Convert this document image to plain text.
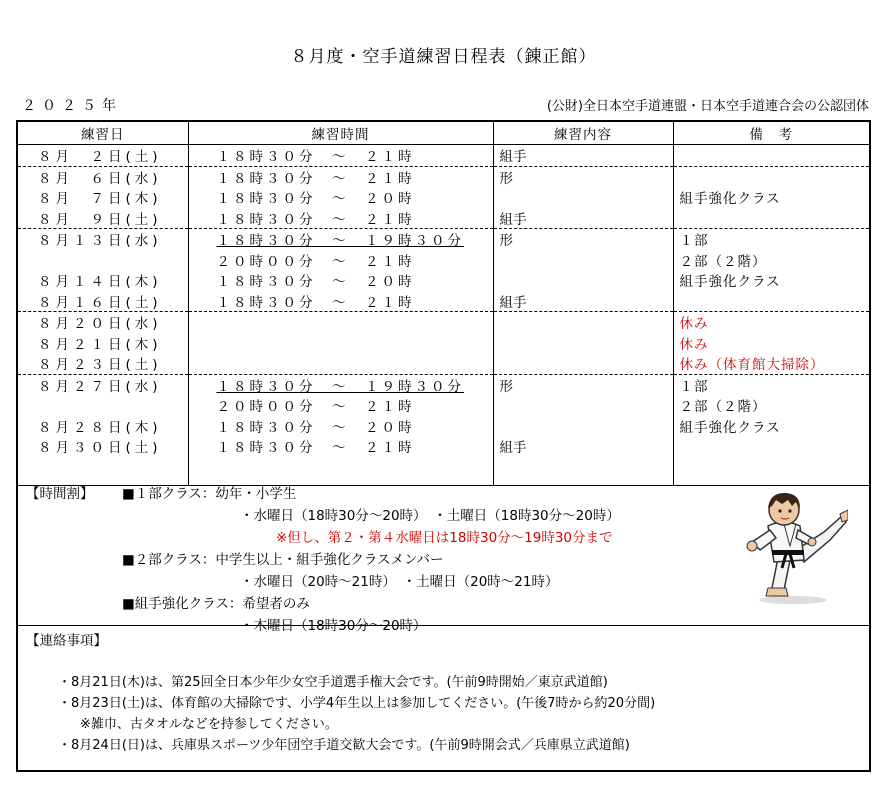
８月度・空手道練習日程表（錬正館）
２０２５年	(公財)全日本空手道連盟・日本空手道連合会の公認団体
練習日	練習時間	練習内容	備　考
８月　２日(土)	１８時３０分　～　２１時	組手	
８月　６日(水)	１８時３０分　～　２１時	形	
８月　７日(木)	１８時３０分　～　２０時		組手強化クラス
８月　９日(土)	１８時３０分　～　２１時	組手	
８月１３日(水)	１８時３０分　～　１９時３０分	形	１部
	２０時００分　～　２１時		２部（２階）
８月１４日(木)	１８時３０分　～　２０時		組手強化クラス
８月１６日(土)	１８時３０分　～　２１時	組手	
８月２０日(水)			休み
８月２１日(木)			休み
８月２３日(土)			休み（体育館大掃除）
８月２７日(水)	１８時３０分　～　１９時３０分	形	１部
	２０時００分　～　２１時		２部（２階）
８月２８日(木)	１８時３０分　～　２０時		組手強化クラス
８月３０日(土)	１８時３０分　～　２１時	組手	

【時間割】 ■１部クラス：幼年・小学生
・水曜日（18時30分～20時）　・土曜日（18時30分～20時）
※但し、第２・第４水曜日は18時30分～19時30分まで
■２部クラス：中学生以上・組手強化クラスメンバー
・水曜日（20時～21時）　・土曜日（20時～21時）
■組手強化クラス：希望者のみ
・木曜日（18時30分～20時）
【連絡事項】
・8月21日(木)は、第25回全日本少年少女空手道選手権大会です。(午前9時開始／東京武道館)
・8月23日(土)は、体育館の大掃除です、小学4年生以上は参加してください。(午後7時から約20分間)
※雑巾、古タオルなどを持参してください。
・8月24日(日)は、兵庫県スポーツ少年団空手道交歓大会です。(午前9時開会式／兵庫県立武道館)
